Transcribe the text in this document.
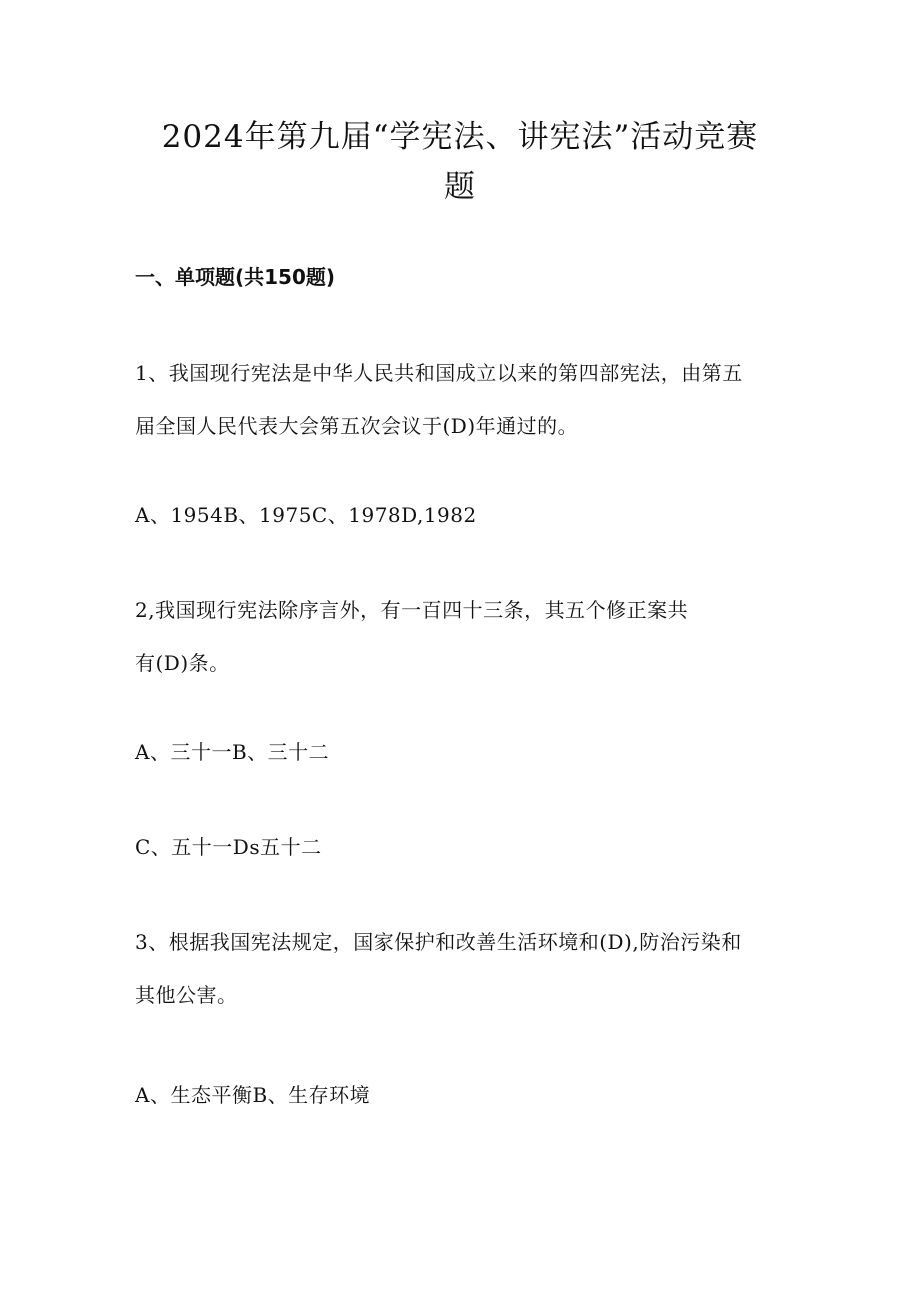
2024年第九届“学宪法、讲宪法”活动竞赛
题
一、单项题(共150题)

1、我国现行宪法是中华人民共和国成立以来的第四部宪法，由第五
届全国人民代表大会第五次会议于(D)年通过的。

A、1954B、1975C、1978D,1982

2,我国现行宪法除序言外，有一百四十三条，其五个修正案共
有(D)条。

A、三十一B、三十二

C、五十一Ds五十二

3、根据我国宪法规定，国家保护和改善生活环境和(D),防治污染和
其他公害。

A、生态平衡B、生存环境
